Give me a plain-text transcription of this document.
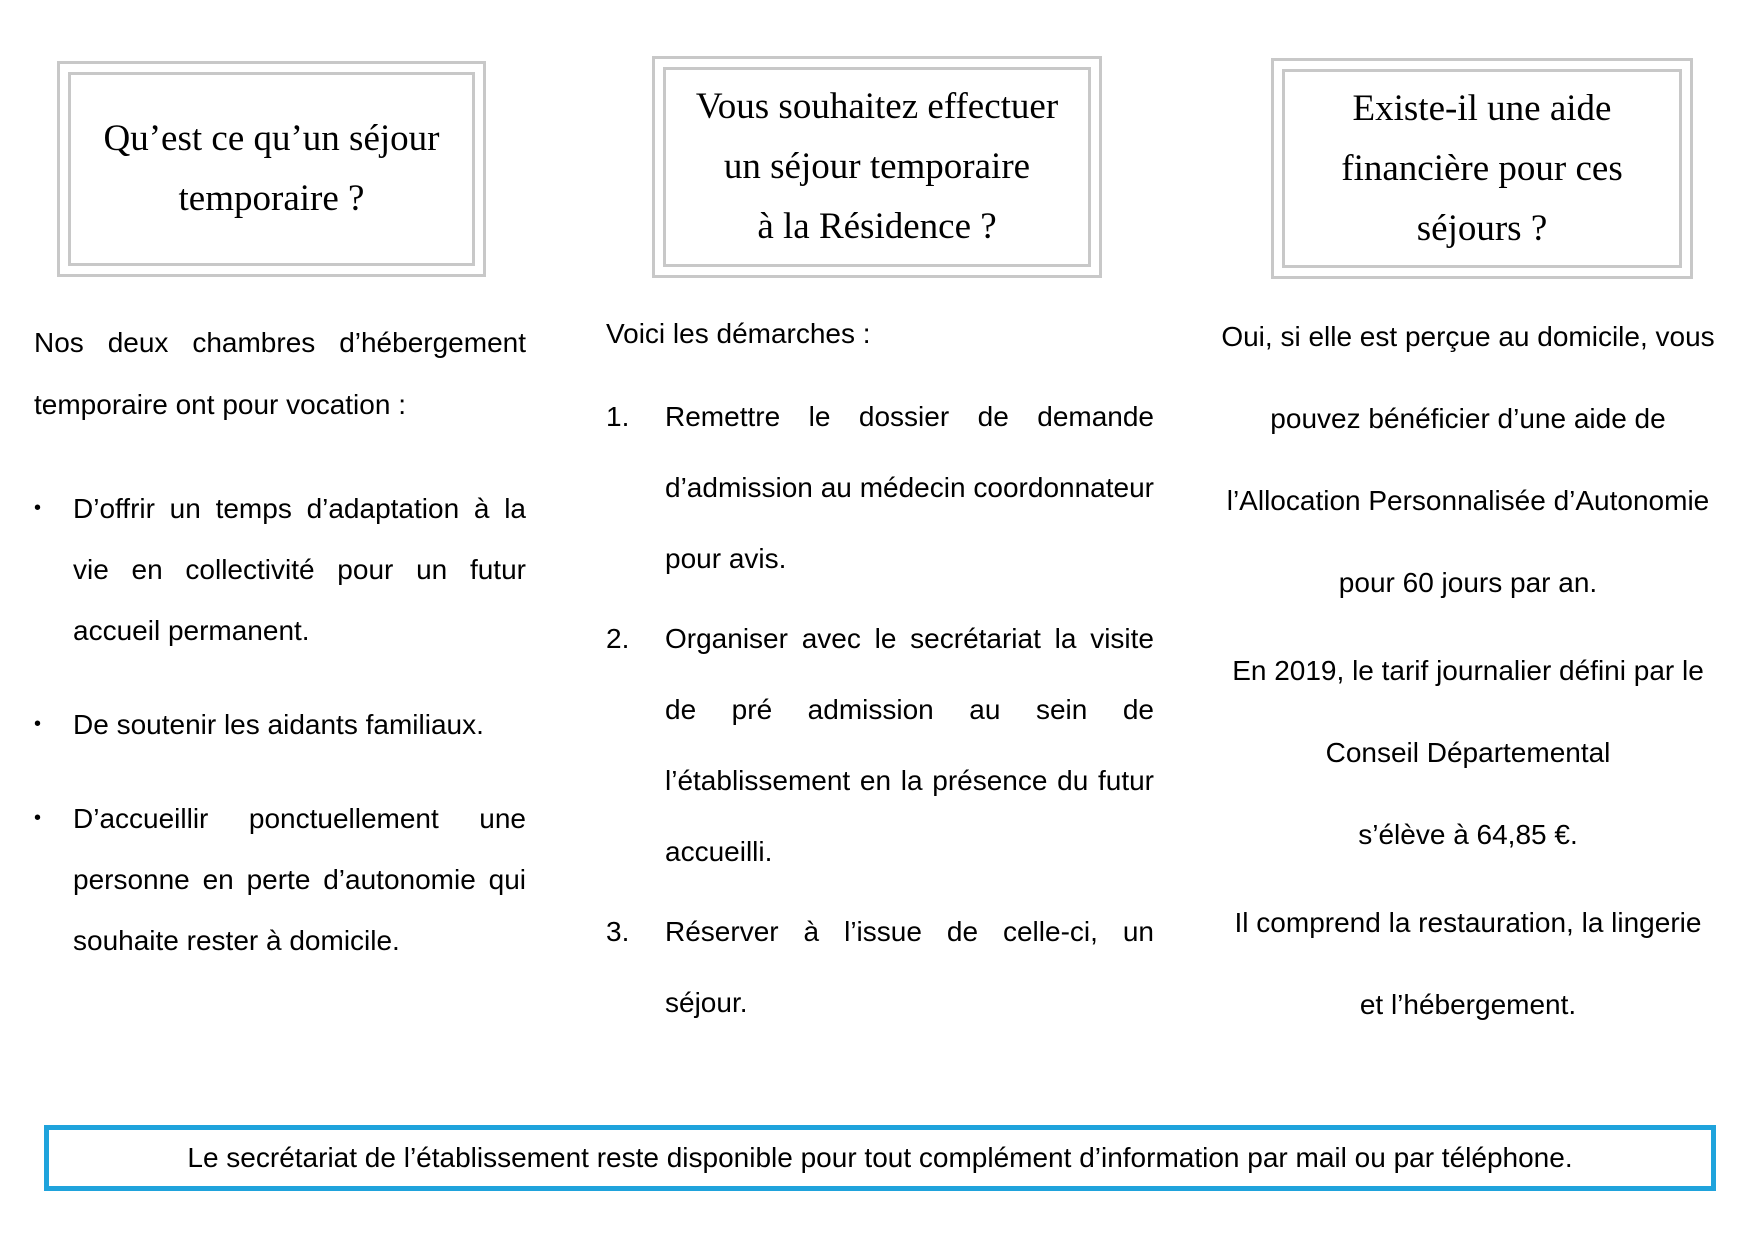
Qu’est ce qu’un séjour temporaire ?
Vous souhaitez effectuer
un séjour temporaire
à la Résidence ?
Existe-il une aide financière pour ces séjours ?

Nos deux chambres d’hébergement temporaire ont pour vocation :

•	D’offrir un temps d’adaptation à la vie en collectivité pour un futur accueil permanent.
•	De soutenir les aidants familiaux.
•	D’accueillir ponctuellement une personne en perte d’autonomie qui souhaite rester à domicile.

Voici les démarches :

1.	Remettre le dossier de demande d’admission au médecin coordonnateur pour avis.
2.	Organiser avec le secrétariat la visite de pré admission au sein de l’établissement en la présence du futur accueilli.
3.	Réserver à l’issue de celle-ci, un séjour.

Oui, si elle est perçue au domicile, vous
pouvez bénéficier d’une aide de
l’Allocation Personnalisée d’Autonomie
pour 60 jours par an.

En 2019, le tarif journalier défini par le
Conseil Départemental
s’élève à 64,85 €.

Il comprend la restauration, la lingerie
et l’hébergement.

Le secrétariat de l’établissement reste disponible pour tout complément d’information par mail ou par téléphone.
